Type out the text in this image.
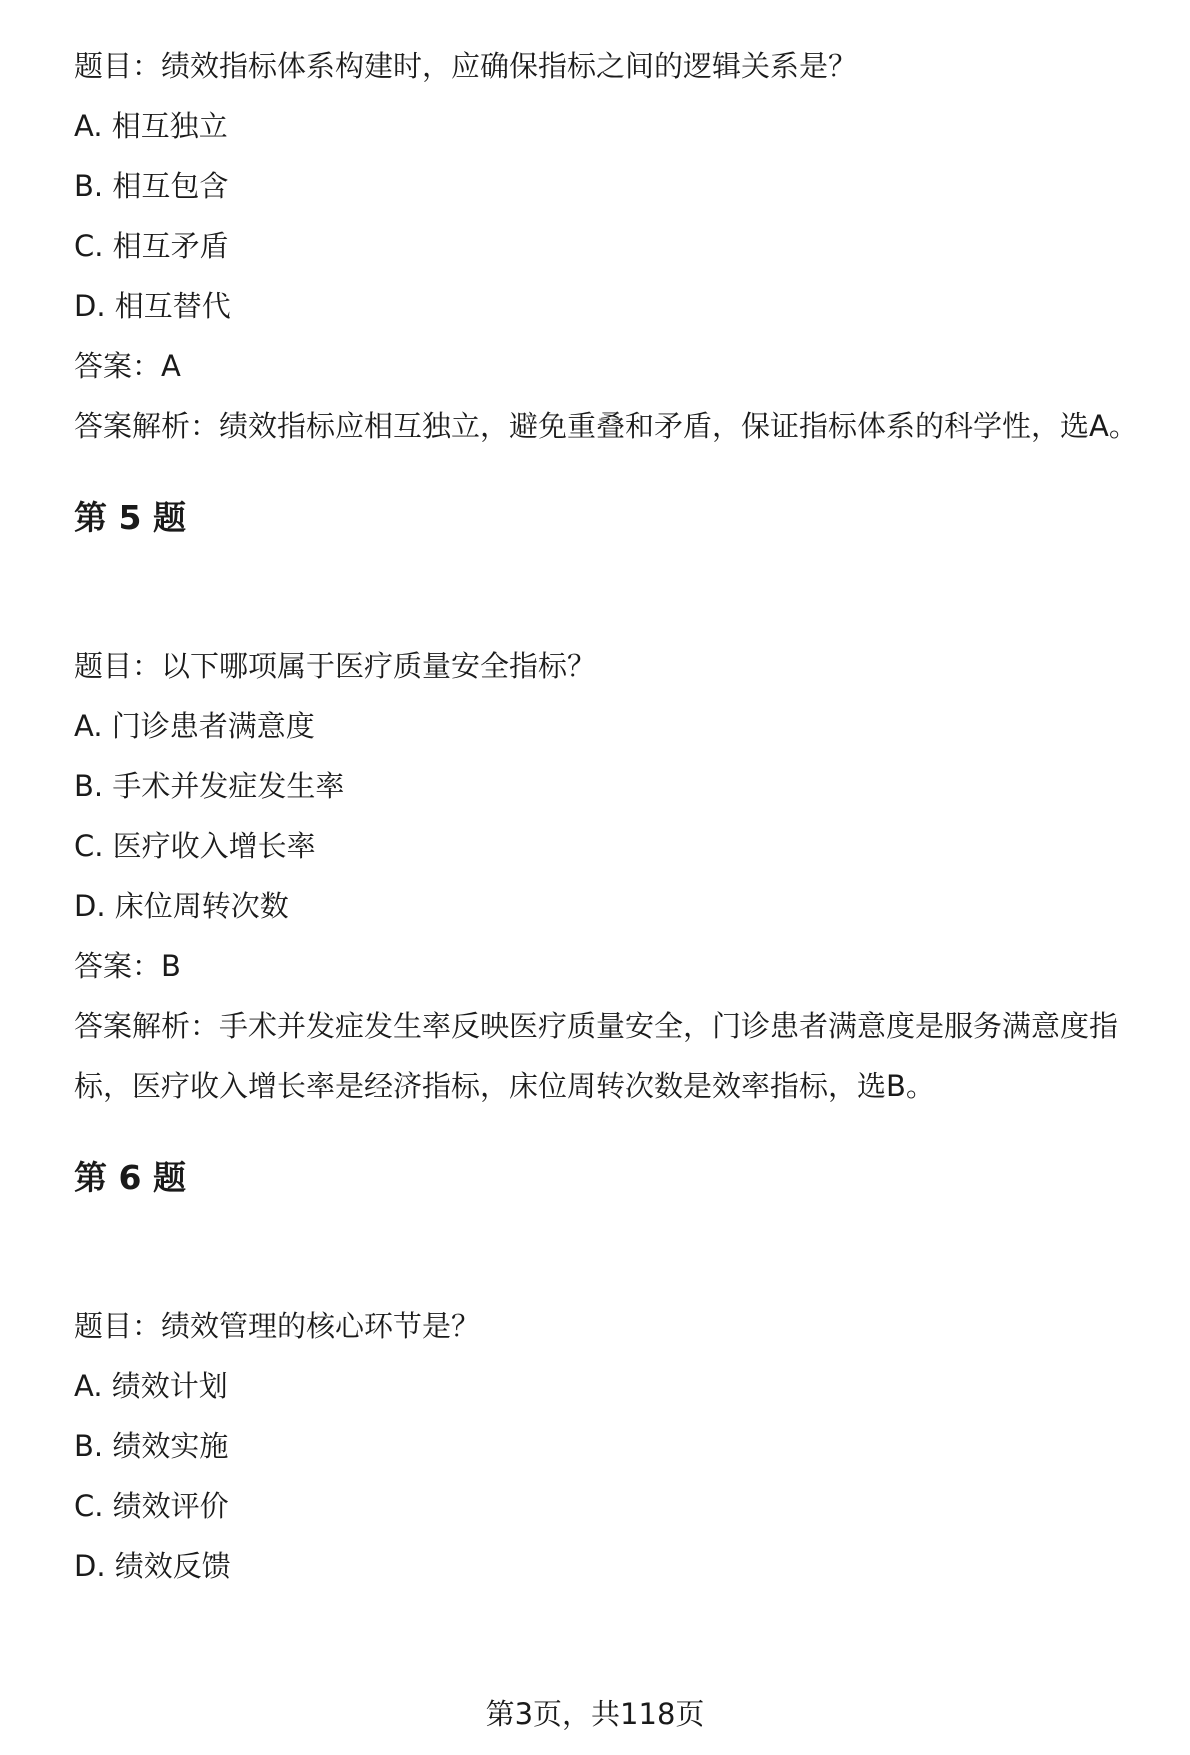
题目：绩效指标体系构建时，应确保指标之间的逻辑关系是？

A. 相互独立

B. 相互包含

C. 相互矛盾

D. 相互替代

答案：A

答案解析：绩效指标应相互独立，避免重叠和矛盾，保证指标体系的科学性，选A。

第 5 题

题目：以下哪项属于医疗质量安全指标？

A. 门诊患者满意度

B. 手术并发症发生率

C. 医疗收入增长率

D. 床位周转次数

答案：B

答案解析：手术并发症发生率反映医疗质量安全，门诊患者满意度是服务满意度指标，医疗收入增长率是经济指标，床位周转次数是效率指标，选B。

第 6 题

题目：绩效管理的核心环节是？

A. 绩效计划

B. 绩效实施

C. 绩效评价

D. 绩效反馈

第3页，共118页
